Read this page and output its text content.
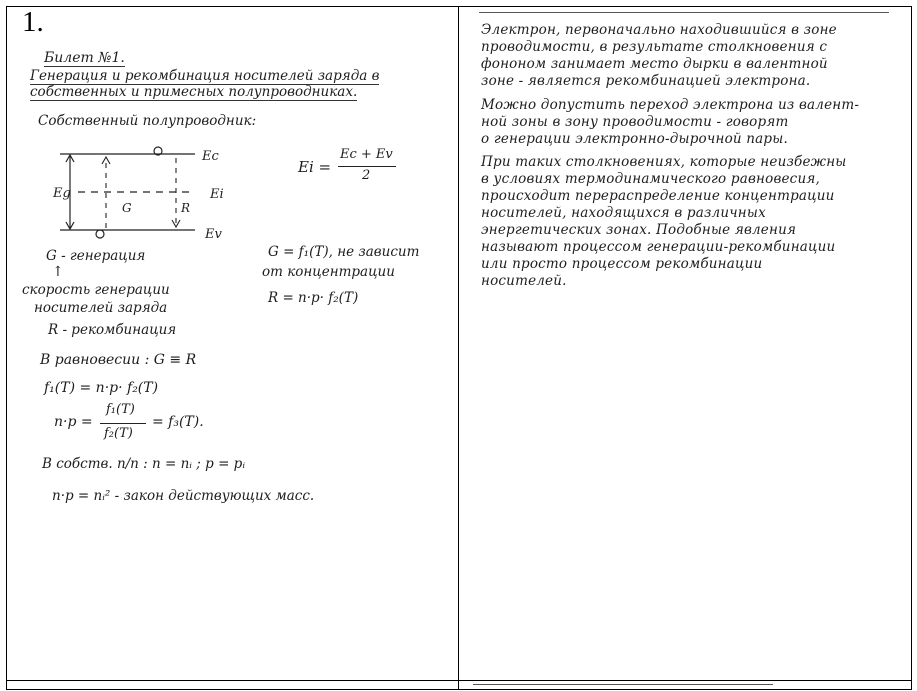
1.
Билет №1.
Генерация и рекомбинация носителей заряда в
собственных и примесных полупроводниках.
Собственный полупроводник:
Eg
G	R
Ec
Ei
Ev
Ei =
Ec + Ev
2
G - генерация
↑
скорость генерации
носителей заряда
R - рекомбинация
G = f₁(T), не зависит
от концентрации
R = n·p· f₂(T)
В равновесии : G ≡ R
f₁(T) = n·p· f₂(T)
n·p =
f₁(T)
f₂(T)
= f₃(T).
В собств. п/п : n = nᵢ ; p = pᵢ
n·p = nᵢ² - закон действующих масс.
Электрон, первоначально находившийся в зоне
проводимости, в результате столкновения с
фононом занимает место дырки в валентной
зоне - является рекомбинацией электрона.
Можно допустить переход электрона из валент-
ной зоны в зону проводимости - говорят
о генерации электронно-дырочной пары.
При таких столкновениях, которые неизбежны
в условиях термодинамического равновесия,
происходит перераспределение концентрации
носителей, находящихся в различных
энергетических зонах. Подобные явления
называют процессом генерации-рекомбинации
или просто процессом рекомбинации
носителей.
